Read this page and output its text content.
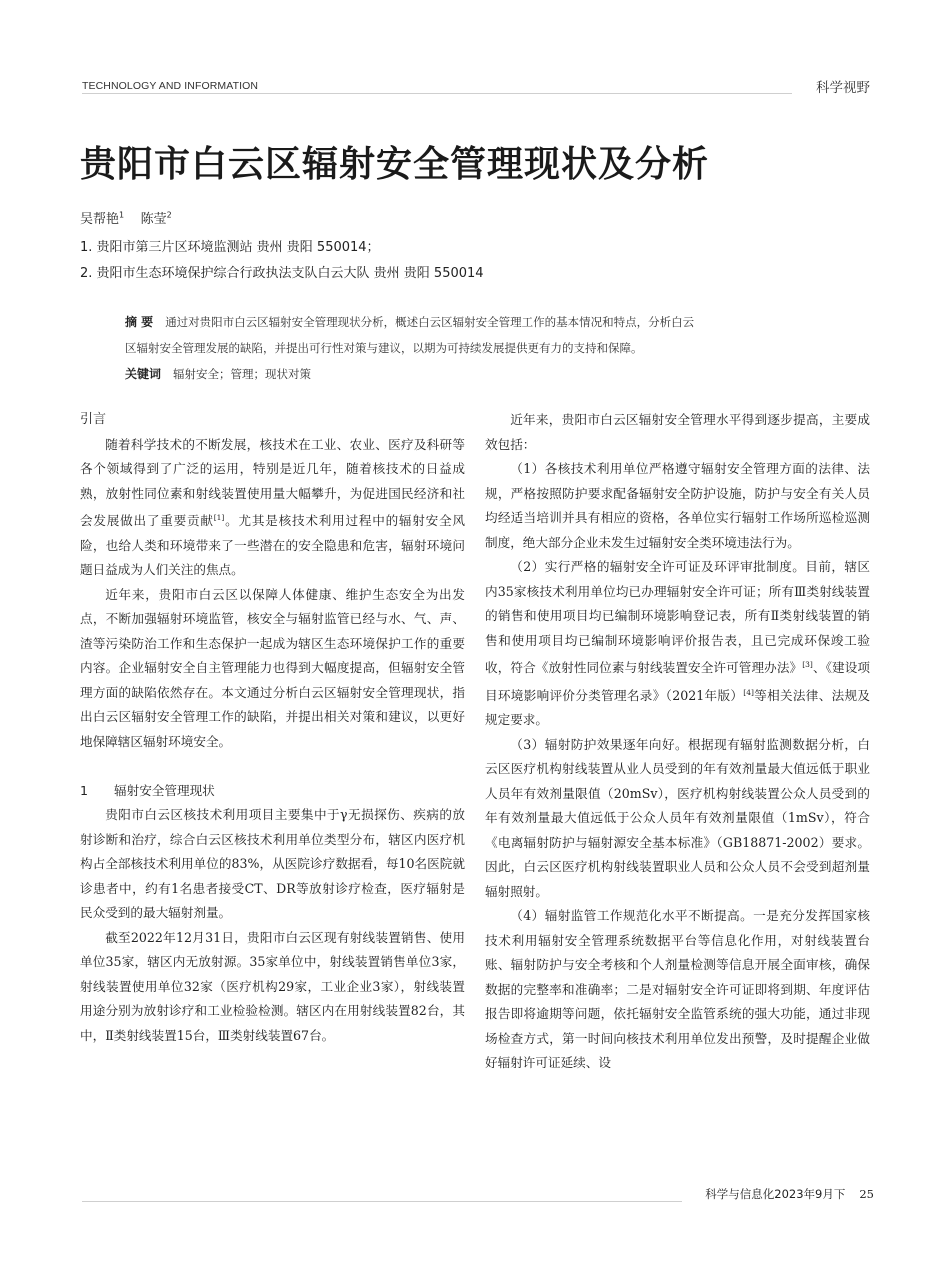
TECHNOLOGY AND INFORMATION	科学视野
贵阳市白云区辐射安全管理现状及分析
吴帮艳$^1$ 陈莹$^2$
1. 贵阳市第三片区环境监测站 贵州 贵阳 550014；
2. 贵阳市生态环境保护综合行政执法支队白云大队 贵州 贵阳 550014
摘 要 通过对贵阳市白云区辐射安全管理现状分析，概述白云区辐射安全管理工作的基本情况和特点，分析白云
区辐射安全管理发展的缺陷，并提出可行性对策与建议，以期为可持续发展提供更有力的支持和保障。
关键词 辐射安全；管理；现状对策
引言

随着科学技术的不断发展，核技术在工业、农业、医疗及科研等各个领域得到了广泛的运用，特别是近几年，随着核技术的日益成熟，放射性同位素和射线装置使用量大幅攀升，为促进国民经济和社会发展做出了重要贡献[1]。尤其是核技术利用过程中的辐射安全风险，也给人类和环境带来了一些潜在的安全隐患和危害，辐射环境问题日益成为人们关注的焦点。

近年来，贵阳市白云区以保障人体健康、维护生态安全为出发点，不断加强辐射环境监管，核安全与辐射监管已经与水、气、声、渣等污染防治工作和生态保护一起成为辖区生态环境保护工作的重要内容。企业辐射安全自主管理能力也得到大幅度提高，但辐射安全管理方面的缺陷依然存在。本文通过分析白云区辐射安全管理现状，指出白云区辐射安全管理工作的缺陷，并提出相关对策和建议，以更好地保障辖区辐射环境安全。

1 辐射安全管理现状

贵阳市白云区核技术利用项目主要集中于γ无损探伤、疾病的放射诊断和治疗，综合白云区核技术利用单位类型分布，辖区内医疗机构占全部核技术利用单位的83%，从医院诊疗数据看，每10名医院就诊患者中，约有1名患者接受CT、DR等放射诊疗检查，医疗辐射是民众受到的最大辐射剂量。

截至2022年12月31日，贵阳市白云区现有射线装置销售、使用单位35家，辖区内无放射源。35家单位中，射线装置销售单位3家，射线装置使用单位32家（医疗机构29家，工业企业3家），射线装置用途分别为放射诊疗和工业检验检测。辖区内在用射线装置82台，其中，Ⅱ类射线装置15台，Ⅲ类射线装置67台。

近年来，贵阳市白云区辐射安全管理水平得到逐步提高，主要成效包括：

（1）各核技术利用单位严格遵守辐射安全管理方面的法律、法规，严格按照防护要求配备辐射安全防护设施，防护与安全有关人员均经适当培训并具有相应的资格，各单位实行辐射工作场所巡检巡测制度，绝大部分企业未发生过辐射安全类环境违法行为。

（2）实行严格的辐射安全许可证及环评审批制度。目前，辖区内35家核技术利用单位均已办理辐射安全许可证；所有Ⅲ类射线装置的销售和使用项目均已编制环境影响登记表，所有Ⅱ类射线装置的销售和使用项目均已编制环境影响评价报告表，且已完成环保竣工验收，符合《放射性同位素与射线装置安全许可管理办法》[3]、《建设项目环境影响评价分类管理名录》（2021年版）[4]等相关法律、法规及规定要求。

（3）辐射防护效果逐年向好。根据现有辐射监测数据分析，白云区医疗机构射线装置从业人员受到的年有效剂量最大值远低于职业人员年有效剂量限值（20mSv），医疗机构射线装置公众人员受到的年有效剂量最大值远低于公众人员年有效剂量限值（1mSv），符合《电离辐射防护与辐射源安全基本标准》（GB18871-2002）要求。因此，白云区医疗机构射线装置职业人员和公众人员不会受到超剂量辐射照射。

（4）辐射监管工作规范化水平不断提高。一是充分发挥国家核技术利用辐射安全管理系统数据平台等信息化作用，对射线装置台账、辐射防护与安全考核和个人剂量检测等信息开展全面审核，确保数据的完整率和准确率；二是对辐射安全许可证即将到期、年度评估报告即将逾期等问题，依托辐射安全监管系统的强大功能，通过非现场检查方式，第一时间向核技术利用单位发出预警，及时提醒企业做好辐射许可证延续、设

科学与信息化2023年9月下 25
